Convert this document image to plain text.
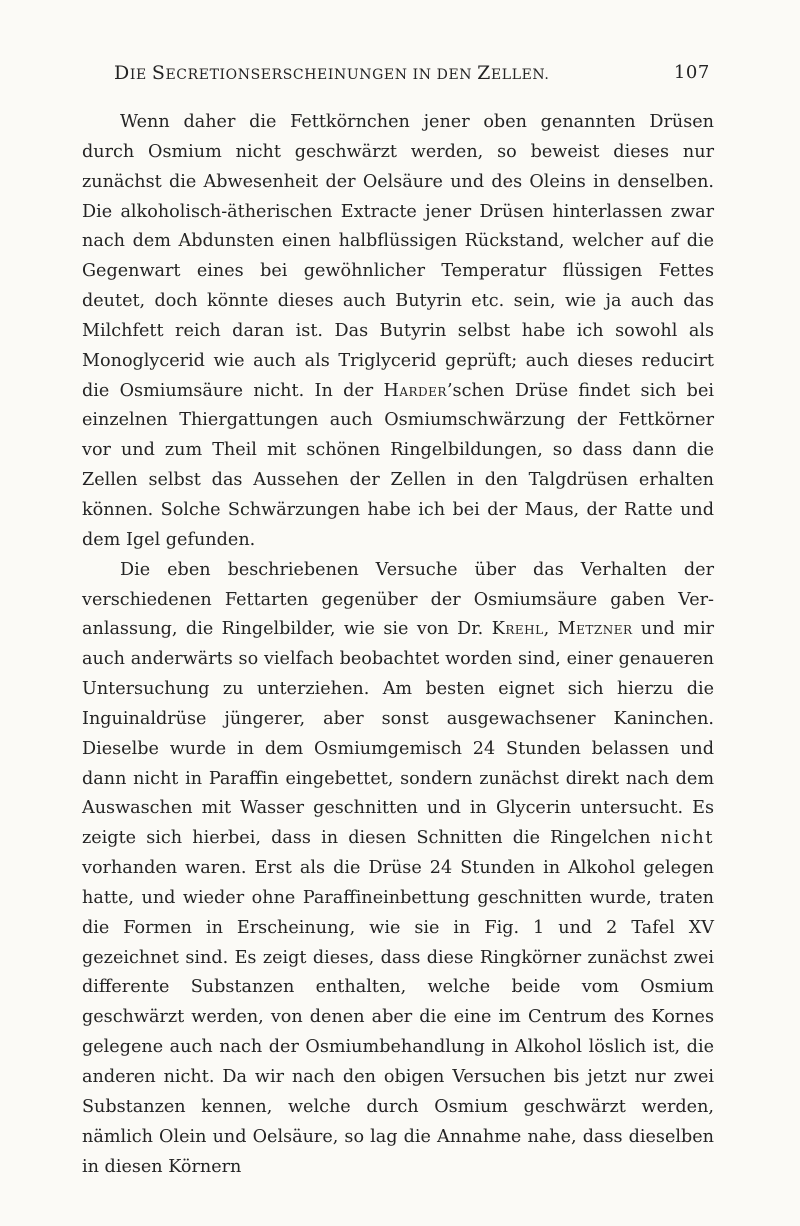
DIE SECRETIONSERSCHEINUNGEN IN DEN ZELLEN.	107

Wenn daher die Fettkörnchen jener oben genannten Drüsen durch Osmium nicht geschwärzt werden, so beweist dieses nur zunächst die Abwesenheit der Oelsäure und des Oleins in denselben. Die alkoholisch-ätherischen Extracte jener Drüsen hinterlassen zwar nach dem Abdunsten einen halbflüssigen Rückstand, welcher auf die Gegenwart eines bei gewöhnlicher Temperatur flüssigen Fettes deutet, doch könnte dieses auch Butyrin etc. sein, wie ja auch das Milchfett reich daran ist. Das Butyrin selbst habe ich sowohl als Monoglycerid wie auch als Triglycerid geprüft; auch dieses reducirt die Osmiumsäure nicht. In der Harder’schen Drüse findet sich bei einzelnen Thiergattungen auch Osmiumschwärzung der Fettkörner vor und zum Theil mit schönen Ringelbildungen, so dass dann die Zellen selbst das Aussehen der Zellen in den Talgdrüsen erhalten können. Solche Schwärzungen habe ich bei der Maus, der Ratte und dem Igel gefunden.

Die eben beschriebenen Versuche über das Verhalten der verschiedenen Fettarten gegenüber der Osmiumsäure gaben Veranlassung, die Ringelbilder, wie sie von Dr. Krehl, Metzner und mir auch anderwärts so vielfach beobachtet worden sind, einer genaueren Untersuchung zu unterziehen. Am besten eignet sich hierzu die Inguinaldrüse jüngerer, aber sonst ausgewachsener Kaninchen. Dieselbe wurde in dem Osmiumgemisch 24 Stunden belassen und dann nicht in Paraffin eingebettet, sondern zunächst direkt nach dem Auswaschen mit Wasser geschnitten und in Glycerin untersucht. Es zeigte sich hierbei, dass in diesen Schnitten die Ringelchen nicht vorhanden waren. Erst als die Drüse 24 Stunden in Alkohol gelegen hatte, und wieder ohne Paraffineinbettung geschnitten wurde, traten die Formen in Erscheinung, wie sie in Fig. 1 und 2 Tafel XV gezeichnet sind. Es zeigt dieses, dass diese Ringkörner zunächst zwei differente Substanzen enthalten, welche beide vom Osmium geschwärzt werden, von denen aber die eine im Centrum des Kornes gelegene auch nach der Osmiumbehandlung in Alkohol löslich ist, die anderen nicht. Da wir nach den obigen Versuchen bis jetzt nur zwei Substanzen kennen, welche durch Osmium geschwärzt werden, nämlich Olein und Oelsäure, so lag die Annahme nahe, dass dieselben in diesen Körnern
